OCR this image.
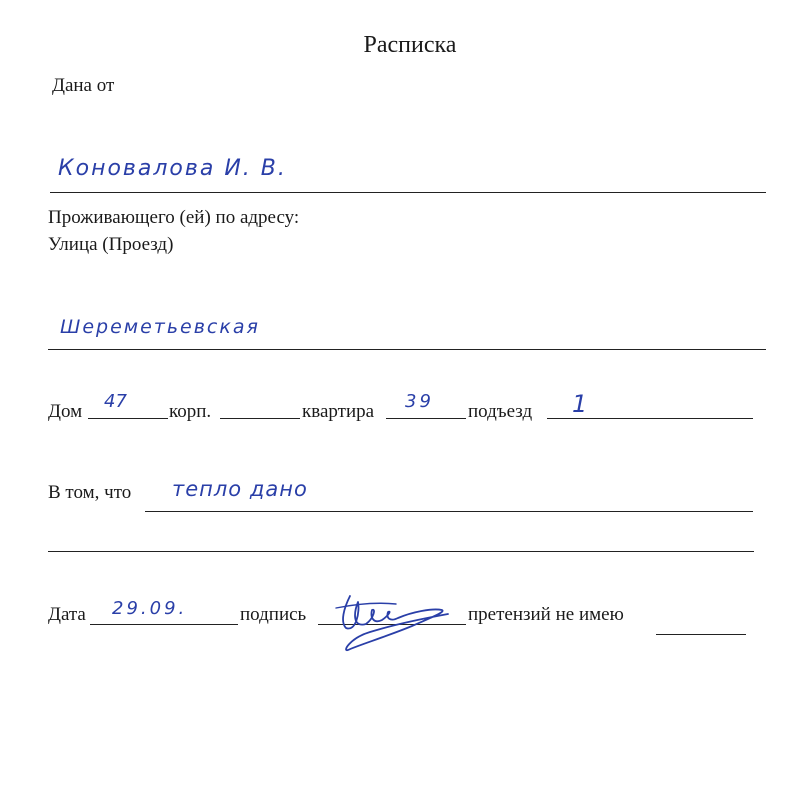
Расписка
Дана от
Коновалова И. В.
Проживающего (ей) по адресу:
Улица (Проезд)
Шереметьевская
Дом 47 корп.	квартира 39 подъезд 1
В том, что тепло дано
Дата 29.09.	подпись	претензий не имею
